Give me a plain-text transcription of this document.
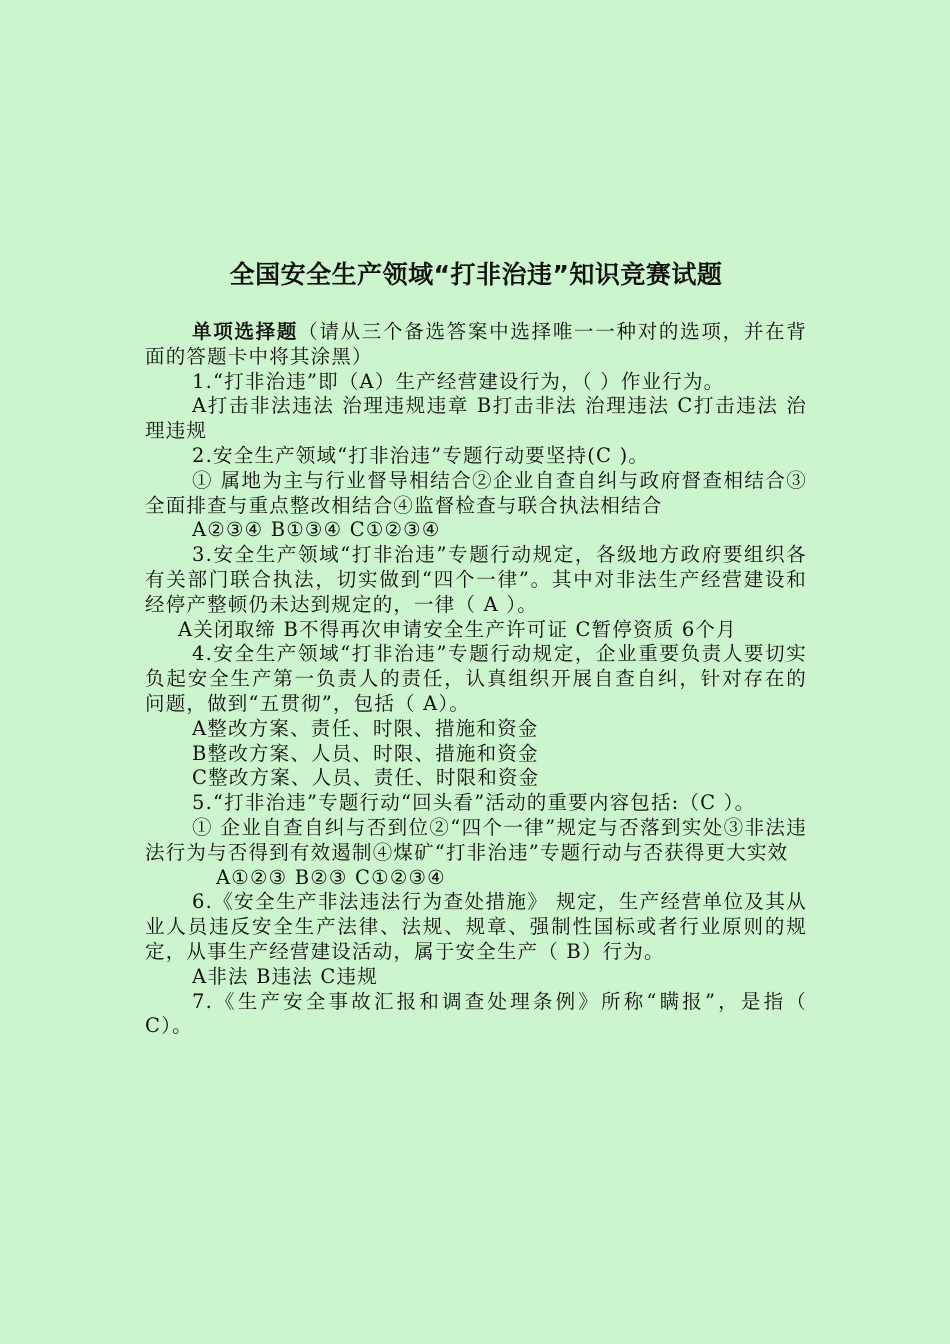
全国安全生产领域“打非治违”知识竞赛试题

单项选择题（请从三个备选答案中选择唯一一种对的选项，并在背面的答题卡中将其涂黑）

1.“打非治违”即（A）生产经营建设行为，（ ）作业行为。

A打击非法违法 治理违规违章 B打击非法 治理违法 C打击违法 治理违规

2.安全生产领域“打非治违”专题行动要坚持(C )。

① 属地为主与行业督导相结合②企业自查自纠与政府督查相结合③全面排查与重点整改相结合④监督检查与联合执法相结合

A②③④ B①③④ C①②③④

3.安全生产领域“打非治违”专题行动规定，各级地方政府要组织各有关部门联合执法，切实做到“四个一律”。其中对非法生产经营建设和经停产整顿仍未达到规定的，一律（ A ）。

A关闭取缔 B不得再次申请安全生产许可证 C暂停资质 6个月

4.安全生产领域“打非治违”专题行动规定，企业重要负责人要切实负起安全生产第一负责人的责任，认真组织开展自查自纠，针对存在的问题，做到“五贯彻”，包括（ A）。

A整改方案、责任、时限、措施和资金

B整改方案、人员、时限、措施和资金

C整改方案、人员、责任、时限和资金

5.“打非治违”专题行动“回头看”活动的重要内容包括:（C ）。

① 企业自查自纠与否到位②“四个一律”规定与否落到实处③非法违法行为与否得到有效遏制④煤矿“打非治违”专题行动与否获得更大实效

A①②③ B②③ C①②③④

6.《安全生产非法违法行为查处措施》 规定，生产经营单位及其从业人员违反安全生产法律、法规、规章、强制性国标或者行业原则的规定，从事生产经营建设活动，属于安全生产（ B）行为。

A非法 B违法 C违规

7.《生产安全事故汇报和调查处理条例》所称“瞒报”，是指（ C）。
